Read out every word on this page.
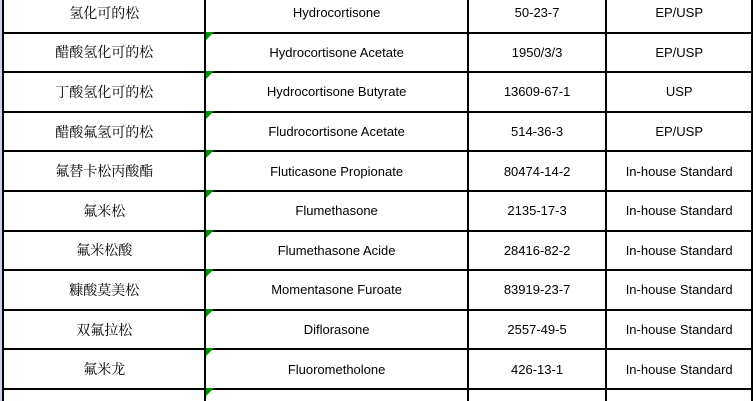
氢化可的松	Hydrocortisone	50-23-7	EP/USP
醋酸氢化可的松	Hydrocortisone Acetate	1950/3/3	EP/USP
丁酸氢化可的松	Hydrocortisone Butyrate	13609-67-1	USP
醋酸氟氢可的松	Fludrocortisone Acetate	514-36-3	EP/USP
氟替卡松丙酸酯	Fluticasone Propionate	80474-14-2	In-house Standard
氟米松	Flumethasone	2135-17-3	In-house Standard
氟米松酸	Flumethasone Acide	28416-82-2	In-house Standard
糠酸莫美松	Momentasone Furoate	83919-23-7	In-house Standard
双氟拉松	Diflorasone	2557-49-5	In-house Standard
氟米龙	Fluorometholone	426-13-1	In-house Standard
